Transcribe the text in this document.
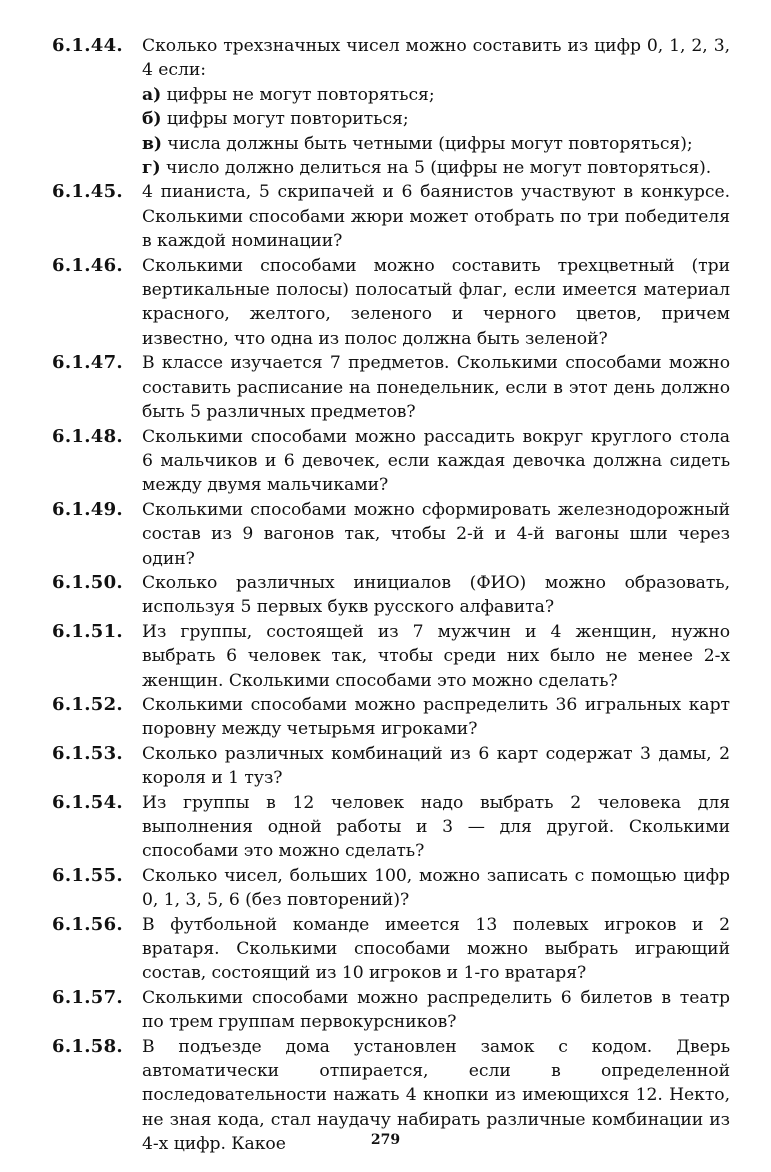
6.1.44.	Сколько трехзначных чисел можно составить из цифр 0, 1, 2, 3, 4 если:
а) цифры не могут повторяться;
б) цифры могут повториться;
в) числа должны быть четными (цифры могут повторяться);
г) число должно делиться на 5 (цифры не могут повторяться).
6.1.45.	4 пианиста, 5 скрипачей и 6 баянистов участвуют в конкурсе. Сколькими способами жюри может отобрать по три победителя в каждой номинации?
6.1.46.	Сколькими способами можно составить трехцветный (три вертикальные полосы) полосатый флаг, если имеется материал красного, желтого, зеленого и черного цветов, причем известно, что одна из полос должна быть зеленой?
6.1.47.	В классе изучается 7 предметов. Сколькими способами можно составить расписание на понедельник, если в этот день должно быть 5 различных предметов?
6.1.48.	Сколькими способами можно рассадить вокруг круглого стола 6 мальчиков и 6 девочек, если каждая девочка должна сидеть между двумя мальчиками?
6.1.49.	Сколькими способами можно сформировать железнодорожный состав из 9 вагонов так, чтобы 2-й и 4-й вагоны шли через один?
6.1.50.	Сколько различных инициалов (ФИО) можно образовать, используя 5 первых букв русского алфавита?
6.1.51.	Из группы, состоящей из 7 мужчин и 4 женщин, нужно выбрать 6 человек так, чтобы среди них было не менее 2-х женщин. Сколькими способами это можно сделать?
6.1.52.	Сколькими способами можно распределить 36 игральных карт поровну между четырьмя игроками?
6.1.53.	Сколько различных комбинаций из 6 карт содержат 3 дамы, 2 короля и 1 туз?
6.1.54.	Из группы в 12 человек надо выбрать 2 человека для выполнения одной работы и 3 — для другой. Сколькими способами это можно сделать?
6.1.55.	Сколько чисел, больших 100, можно записать с помощью цифр 0, 1, 3, 5, 6 (без повторений)?
6.1.56.	В футбольной команде имеется 13 полевых игроков и 2 вратаря. Сколькими способами можно выбрать играющий состав, состоящий из 10 игроков и 1-го вратаря?
6.1.57.	Сколькими способами можно распределить 6 билетов в театр по трем группам первокурсников?
6.1.58.	В подъезде дома установлен замок с кодом. Дверь автоматически отпирается, если в определенной последовательности нажать 4 кнопки из имеющихся 12. Некто, не зная кода, стал наудачу набирать различные комбинации из 4-х цифр. Какое	279
